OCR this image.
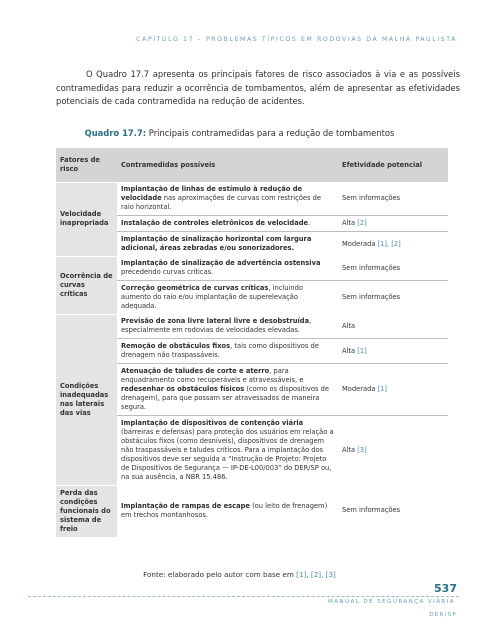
CAPÍTULO 17 – PROBLEMAS TÍPICOS EM RODOVIAS DA MALHA PAULISTA

O Quadro 17.7 apresenta os principais fatores de risco associados à via e as possíveis contramedidas para reduzir a ocorrência de tombamentos, além de apresentar as efetividades potenciais de cada contramedida na redução de acidentes.

Quadro 17.7: Principais contramedidas para a redução de tombamentos
Fatores de risco	Contramedidas possíveis	Efetividade potencial
Velocidade inapropriada	Implantação de linhas de estímulo à redução de velocidade nas aproximações de curvas com restrições de raio horizontal.	Sem informações
	Instalação de controles eletrônicos de velocidade.	Alta [2]
	Implantação de sinalização horizontal com largura adicional, áreas zebradas e/ou sonorizadores.	Moderada [1], [2]
Ocorrência de curvas críticas	Implantação de sinalização de advertência ostensiva precedendo curvas críticas.	Sem informações
	Correção geométrica de curvas críticas, incluindo aumento do raio e/ou implantação de superelevação adequada.	Sem informações
Condições inadequadas nas laterais das vias	Previsão de zona livre lateral livre e desobstruída, especialmente em rodovias de velocidades elevadas.	Alta
	Remoção de obstáculos fixos, tais como dispositivos de drenagem não traspassáveis.	Alta [1]
	Atenuação de taludes de corte e aterro, para enquadramento como recuperáveis e atravessáveis, e redesenhar os obstáculos físicos (como os dispositivos de drenagem), para que possam ser atravessados de maneira segura.	Moderada [1]
	Implantação de dispositivos de contenção viária (barreiras e defensas) para proteção dos usuários em relação a obstáculos fixos (como desníveis), dispositivos de drenagem não traspassáveis e taludes críticos. Para a implantação dos dispositivos deve ser seguida a “Instrução de Projeto: Projeto de Dispositivos de Segurança — IP-DE-L00/003” do DER/SP ou, na sua ausência, a NBR 15.486.	Alta [3]
Perda das condições funcionais do sistema de freio	Implantação de rampas de escape (ou leito de frenagem) em trechos montanhosos.	Sem informações
Fonte: elaborado pelo autor com base em [1], [2], [3]
537
MANUAL DE SEGURANÇA VIÁRIA
DER/SP
